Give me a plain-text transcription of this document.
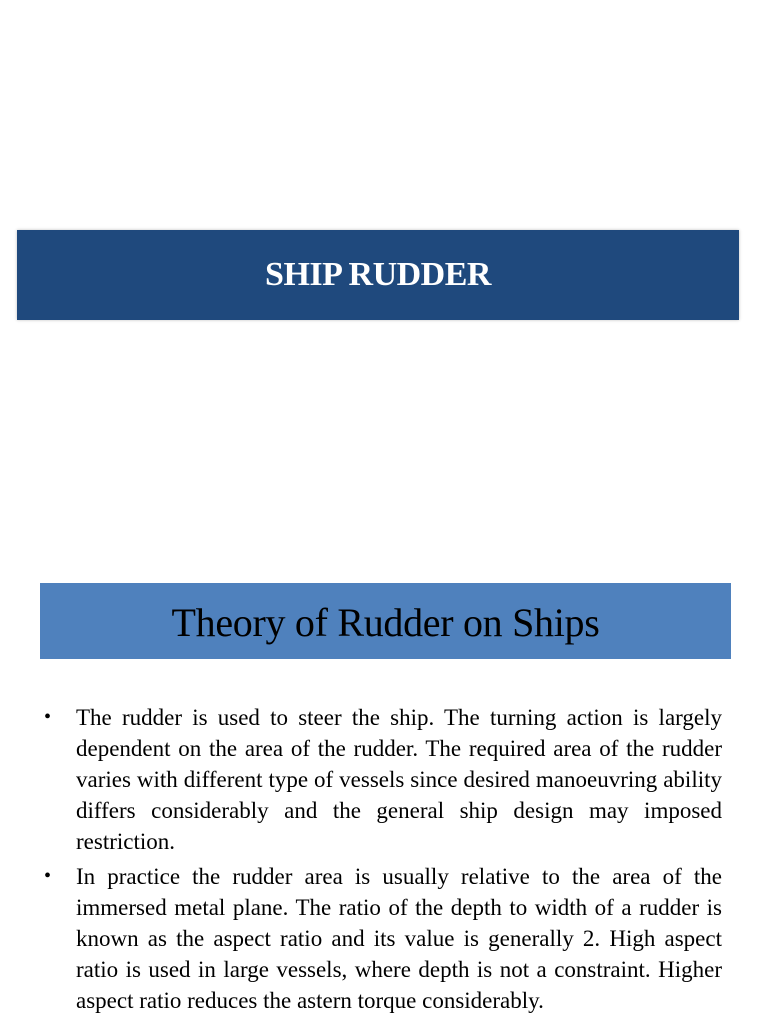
SHIP RUDDER
Theory of Rudder on Ships
• The rudder is used to steer the ship. The turning action is largely dependent on the area of the rudder. The required area of the rudder varies with different type of vessels since desired manoeuvring ability differs considerably and the general ship design may imposed restriction.
• In practice the rudder area is usually relative to the area of the immersed metal plane. The ratio of the depth to width of a rudder is known as the aspect ratio and its value is generally 2. High aspect ratio is used in large vessels, where depth is not a constraint. Higher aspect ratio reduces the astern torque considerably.
